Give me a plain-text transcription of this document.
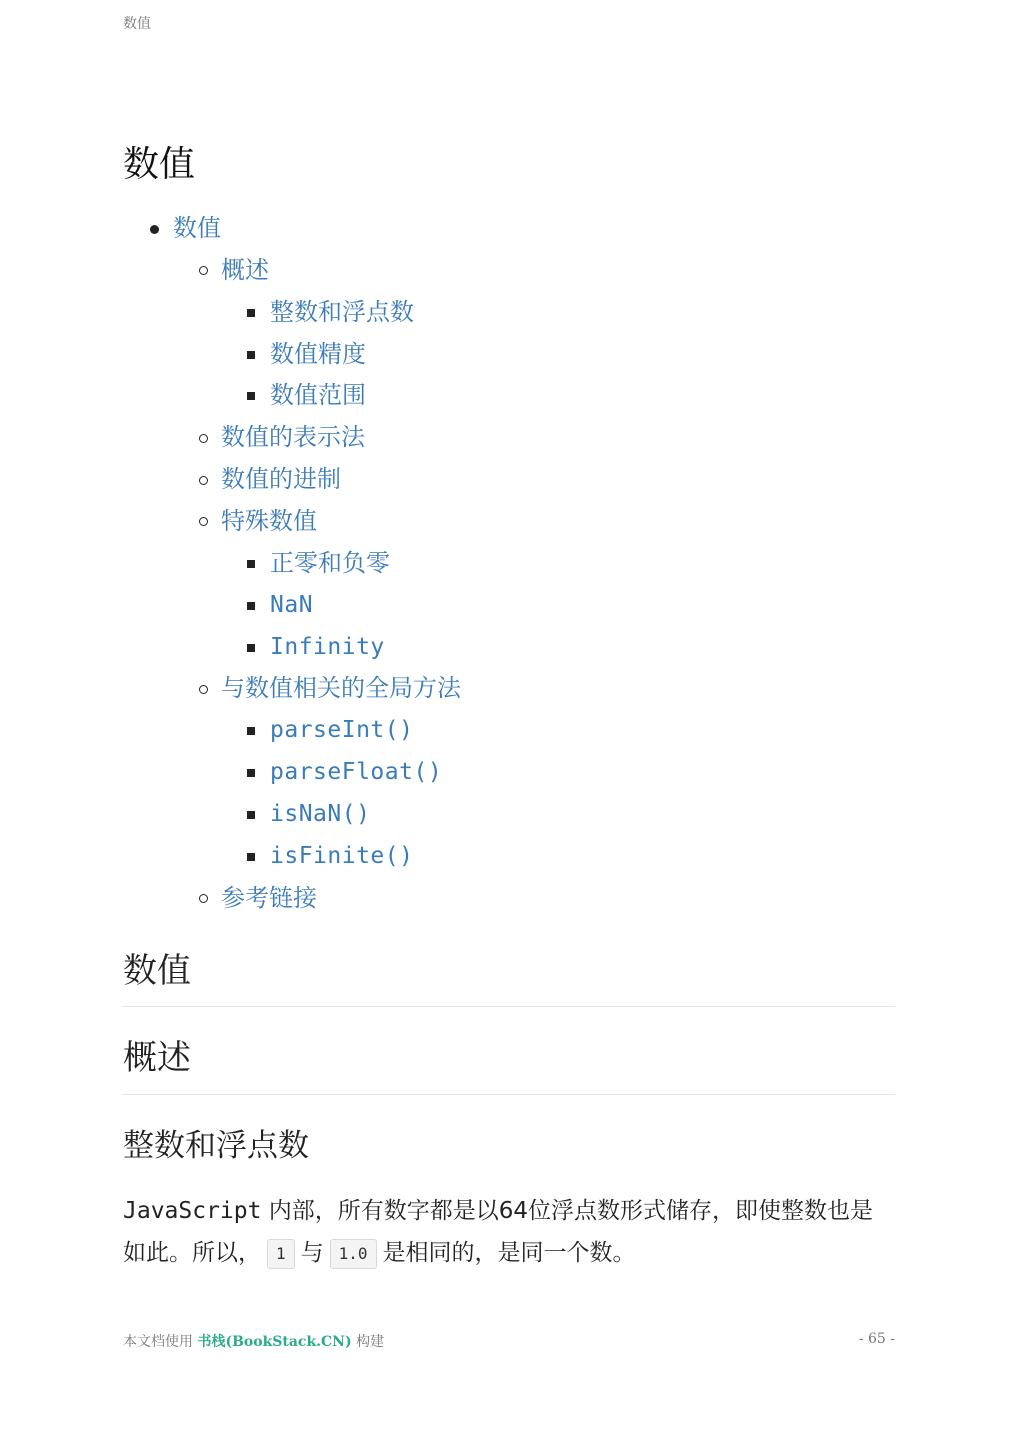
数值
数值
数值
概述
整数和浮点数
数值精度
数值范围
数值的表示法
数值的进制
特殊数值
正零和负零
NaN
Infinity
与数值相关的全局方法
parseInt()
parseFloat()
isNaN()
isFinite()
参考链接
数值
概述
整数和浮点数

JavaScript 内部，所有数字都是以64位浮点数形式储存，即使整数也是如此。所以， 1 与 1.0 是相同的，是同一个数。

本文档使用 书栈(BookStack.CN) 构建	- 65 -
